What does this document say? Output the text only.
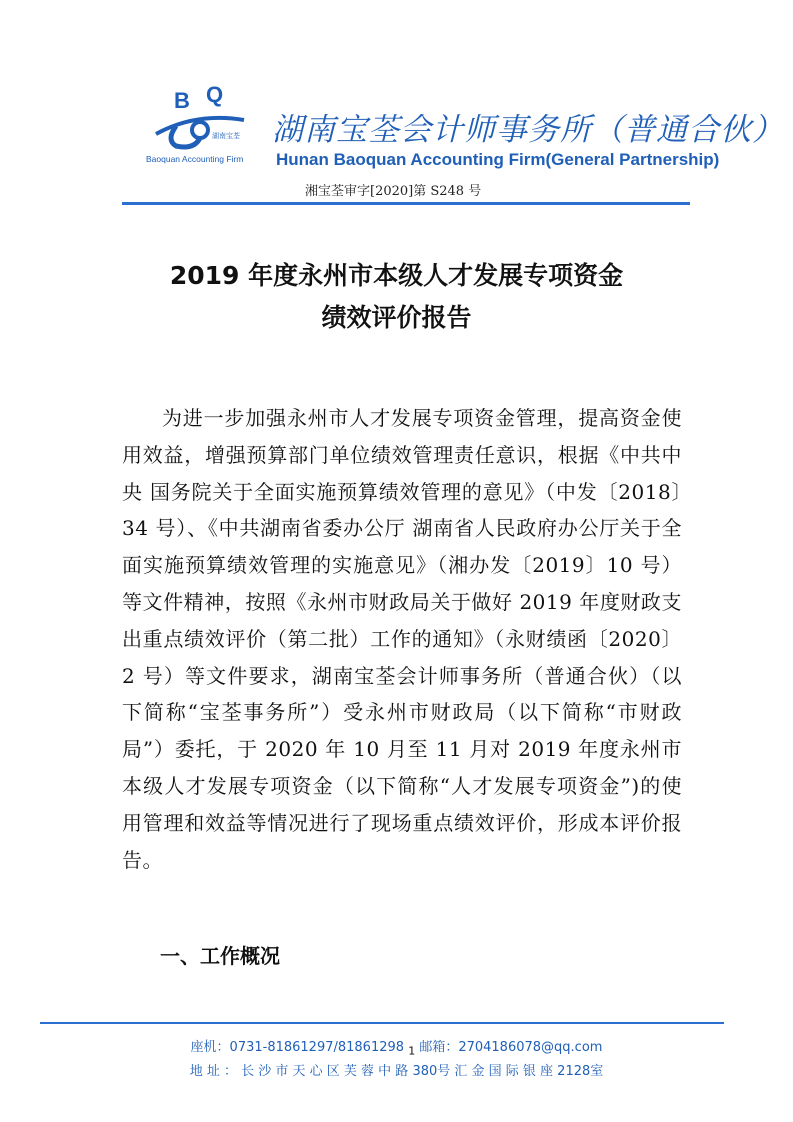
B Q
湖南宝荃
Baoquan Accounting Firm
湖南宝荃会计师事务所（普通合伙）
Hunan Baoquan Accounting Firm(General Partnership)
湘宝荃审字[2020]第 S248 号
2019 年度永州市本级人才发展专项资金
绩效评价报告

为进一步加强永州市人才发展专项资金管理，提高资金使用效益，增强预算部门单位绩效管理责任意识，根据《中共中央 国务院关于全面实施预算绩效管理的意见》（中发〔2018〕34 号）、《中共湖南省委办公厅 湖南省人民政府办公厅关于全面实施预算绩效管理的实施意见》（湘办发〔2019〕10 号）等文件精神，按照《永州市财政局关于做好 2019 年度财政支出重点绩效评价（第二批）工作的通知》（永财绩函〔2020〕2 号）等文件要求，湖南宝荃会计师事务所（普通合伙）（以下简称“宝荃事务所”）受永州市财政局（以下简称“市财政局”）委托，于 2020 年 10 月至 11 月对 2019 年度永州市本级人才发展专项资金（以下简称“人才发展专项资金”)的使用管理和效益等情况进行了现场重点绩效评价，形成本评价报告。

一、工作概况
座机：0731-81861297/81861298 $_1$ 邮箱：2704186078@qq.com
地 址 ： 长 沙 市 天 心 区 芙 蓉 中 路 380号 汇 金 国 际 银 座 2128室
